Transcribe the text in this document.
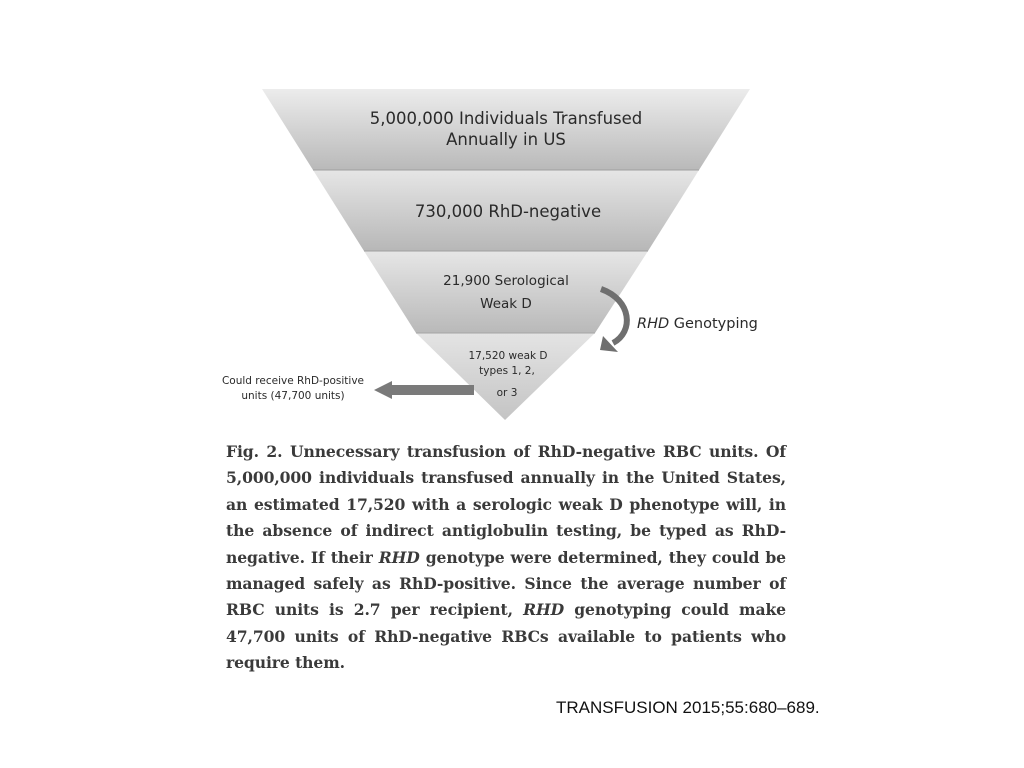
5,000,000 Individuals Transfused
Annually in US
730,000 RhD-negative
21,900 Serological
Weak D
17,520 weak D
types 1, 2,
or 3
RHD Genotyping
Could receive RhD-positive
units (47,700 units)
Fig. 2. Unnecessary transfusion of RhD-negative RBC units. Of 5,000,000 individuals transfused annually in the United States, an estimated 17,520 with a serologic weak D phenotype will, in the absence of indirect antiglobulin testing, be typed as RhD-negative. If their RHD genotype were determined, they could be managed safely as RhD-positive. Since the average number of RBC units is 2.7 per recipient, RHD genotyping could make 47,700 units of RhD-negative RBCs available to patients who require them.
TRANSFUSION 2015;55:680–689.
